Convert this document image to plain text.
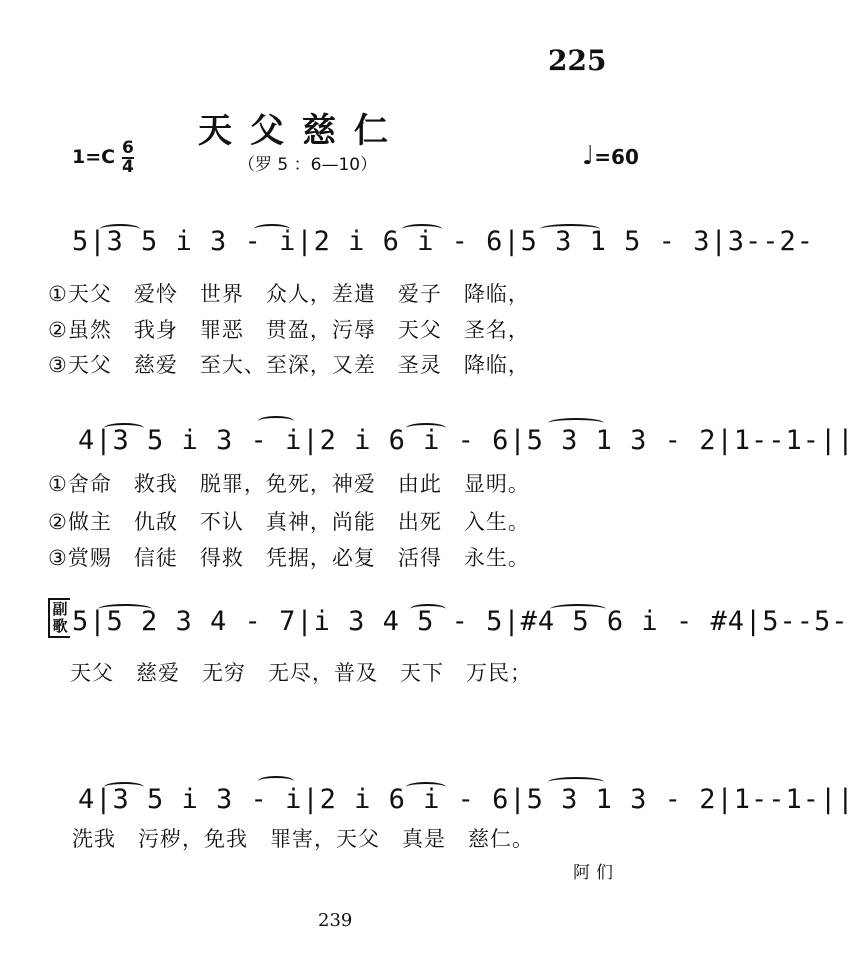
225
天父慈仁
$1=C \frac{6}{4}$	（罗 5 ：6—10）	♩=60
5|3 5 i 3 - i|2 i 6 i - 6|5 3 1 5 - 3|3--2-
①天父　爱怜　世界　众人，差遣　爱子　降临，
②虽然　我身　罪恶　贯盈，污辱　天父　圣名，
③天父　慈爱　至大、至深，又差　圣灵　降临，
4|3 5 i 3 - i|2 i 6 i - 6|5 3 1 3 - 2|1--1-||
①舍命　救我　脱罪，免死，神爱　由此　显明。
②做主　仇敌　不认　真神，尚能　出死　入生。
③赏赐　信徒　得救　凭据，必复　活得　永生。
副歌 5|5 2 3 4 - 7|i 3 4 5 - 5|#4 5 6 i - #4|5--5-
天父　慈爱　无穷　无尽，普及　天下　万民；
4|3 5 i 3 - i|2 i 6 i - 6|5 3 1 3 - 2|1--1-||
洗我　污秽，免我　罪害，天父　真是　慈仁。
阿们
239
